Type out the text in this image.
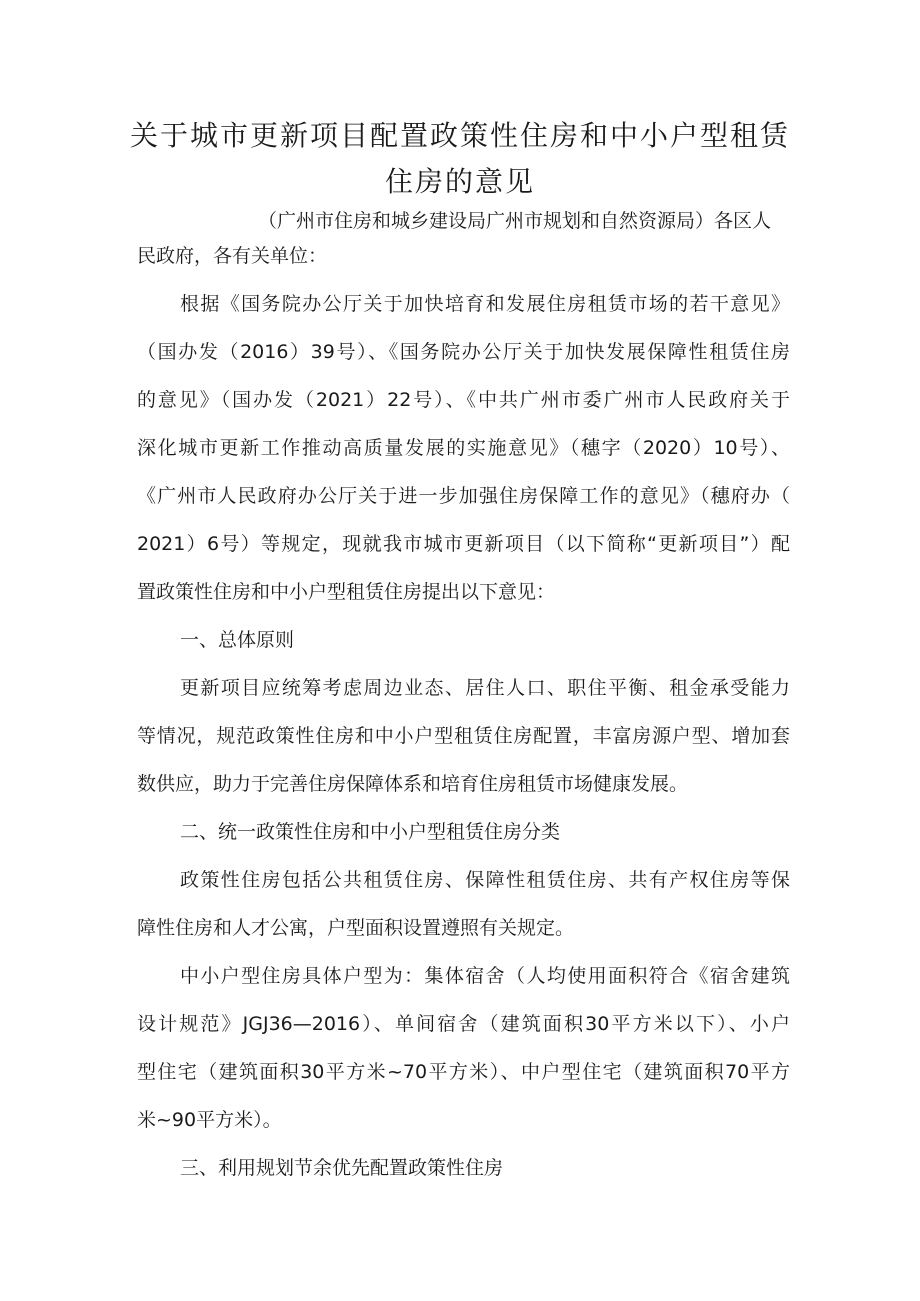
关于城市更新项目配置政策性住房和中小户型租赁
住房的意见
（广州市住房和城乡建设局广州市规划和自然资源局）各区人
民政府，各有关单位：
根据《国务院办公厅关于加快培育和发展住房租赁市场的若干意见》
（国办发（2016）39号）、《国务院办公厅关于加快发展保障性租赁住房
的意见》（国办发（2021）22号）、《中共广州市委广州市人民政府关于
深化城市更新工作推动高质量发展的实施意见》（穗字（2020）10号）、
《广州市人民政府办公厅关于进一步加强住房保障工作的意见》（穗府办（
2021）6号）等规定，现就我市城市更新项目（以下简称“更新项目”）配
置政策性住房和中小户型租赁住房提出以下意见：
一、总体原则
更新项目应统筹考虑周边业态、居住人口、职住平衡、租金承受能力
等情况，规范政策性住房和中小户型租赁住房配置，丰富房源户型、增加套
数供应，助力于完善住房保障体系和培育住房租赁市场健康发展。
二、统一政策性住房和中小户型租赁住房分类
政策性住房包括公共租赁住房、保障性租赁住房、共有产权住房等保
障性住房和人才公寓，户型面积设置遵照有关规定。
中小户型住房具体户型为：集体宿舍（人均使用面积符合《宿舍建筑
设计规范》JGJ36—2016）、单间宿舍（建筑面积30平方米以下）、小户
型住宅（建筑面积30平方米~70平方米）、中户型住宅（建筑面积70平方
米~90平方米）。
三、利用规划节余优先配置政策性住房
